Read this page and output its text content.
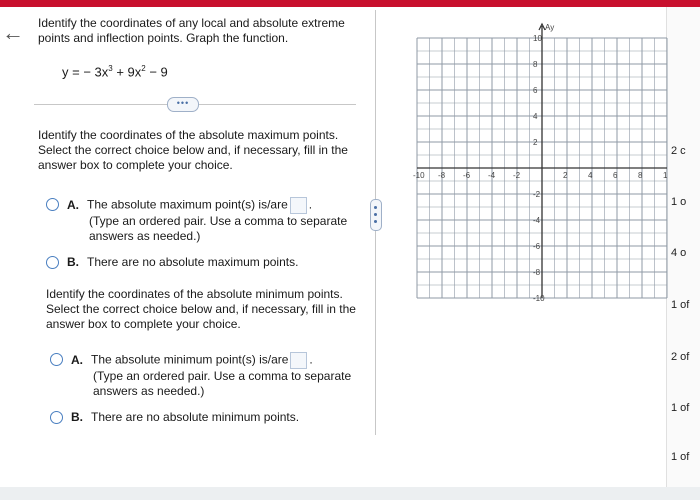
← Identify the coordinates of any local and absolute extreme
points and inflection points. Graph the function.
y = − $3x^3 + 9x^2 - 9$
•••
Identify the coordinates of the absolute maximum points.
Select the correct choice below and, if necessary, fill in the
answer box to complete your choice.
A. The absolute maximum point(s) is/are .
(Type an ordered pair. Use a comma to separate
answers as needed.)
B. There are no absolute maximum points.
Identify the coordinates of the absolute minimum points.
Select the correct choice below and, if necessary, fill in the
answer box to complete your choice.
A. The absolute minimum point(s) is/are .
(Type an ordered pair. Use a comma to separate
answers as needed.)
B. There are no absolute minimum points.
Ay
-10 -8 -6 -4 -2	2	4	6	8	1
10
8
6
4
2
-2
-4
-6
-8
-10
2 c
1 o
4 o
1 of
2 of
1 of
1 of
